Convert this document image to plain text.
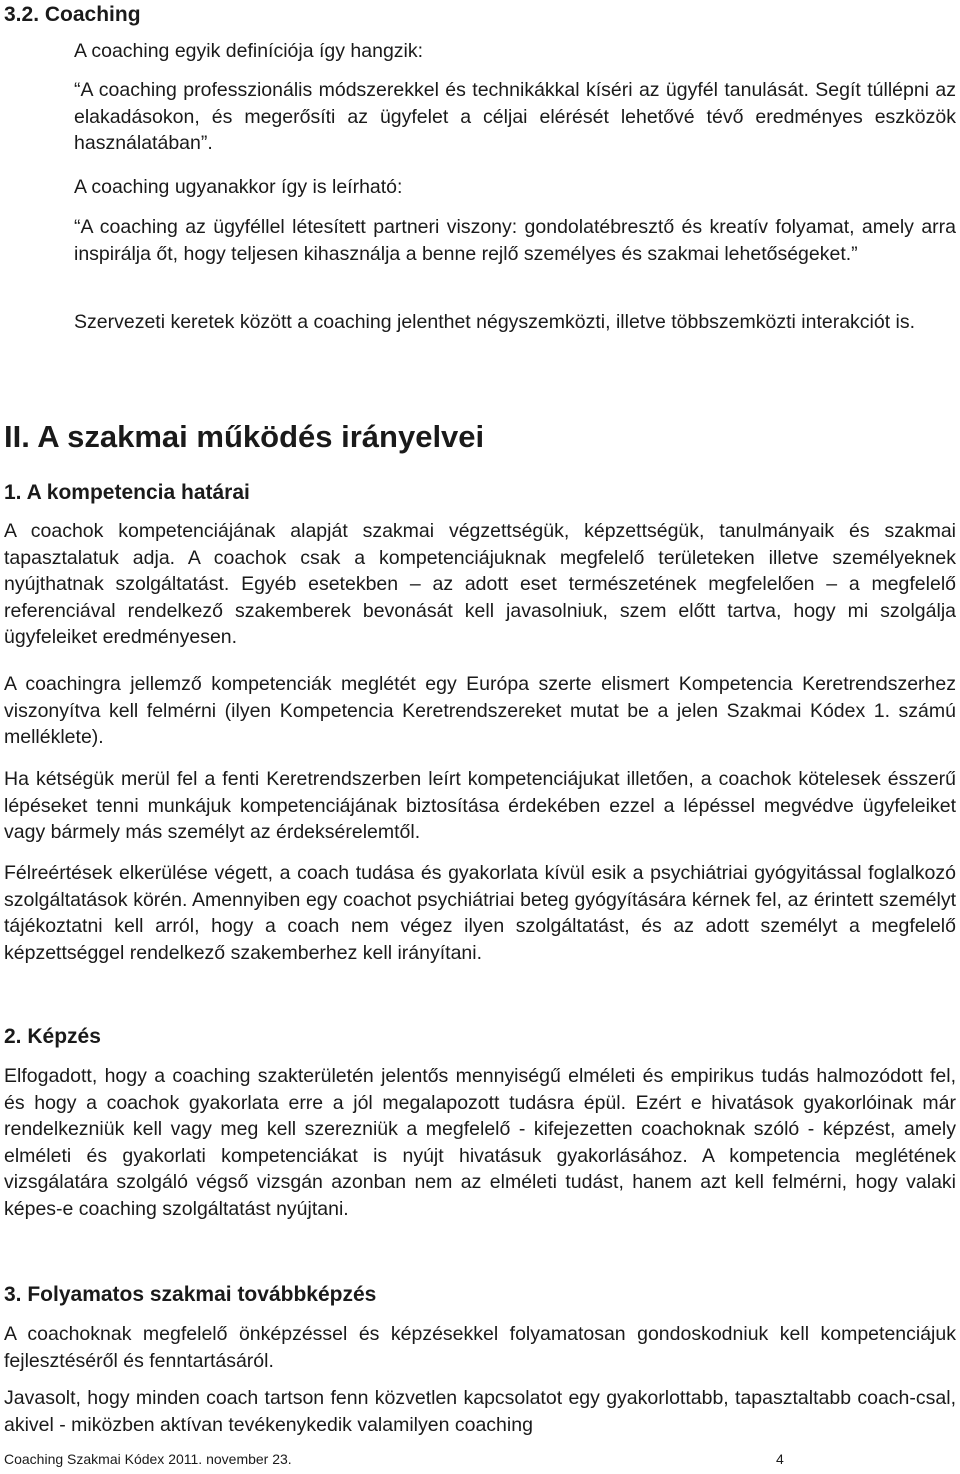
3.2. Coaching

A coaching egyik definíciója így hangzik:

“A coaching professzionális módszerekkel és technikákkal kíséri az ügyfél tanulását. Segít túllépni az elakadásokon, és megerősíti az ügyfelet a céljai elérését lehetővé tévő eredményes eszközök használatában”.

A coaching ugyanakkor így is leírható:

“A coaching az ügyféllel létesített partneri viszony: gondolatébresztő és kreatív folyamat, amely arra inspirálja őt, hogy teljesen kihasználja a benne rejlő személyes és szakmai lehetőségeket.”

Szervezeti keretek között a coaching jelenthet négyszemközti, illetve többszemközti interakciót is.

II. A szakmai működés irányelvei
1. A kompetencia határai

A coachok kompetenciájának alapját szakmai végzettségük, képzettségük, tanulmányaik és szakmai tapasztalatuk adja. A coachok csak a kompetenciájuknak megfelelő területeken illetve személyeknek nyújthatnak szolgáltatást. Egyéb esetekben – az adott eset természetének megfelelően – a megfelelő referenciával rendelkező szakemberek bevonását kell javasolniuk, szem előtt tartva, hogy mi szolgálja ügyfeleiket eredményesen.

A coachingra jellemző kompetenciák meglétét egy Európa szerte elismert Kompetencia Keretrendszerhez viszonyítva kell felmérni (ilyen Kompetencia Keretrendszereket mutat be a jelen Szakmai Kódex 1. számú melléklete).

Ha kétségük merül fel a fenti Keretrendszerben leírt kompetenciájukat illetően, a coachok kötelesek ésszerű lépéseket tenni munkájuk kompetenciájának biztosítása érdekében ezzel a lépéssel megvédve ügyfeleiket vagy bármely más személyt az érdeksérelemtől.

Félreértések elkerülése végett, a coach tudása és gyakorlata kívül esik a psychiátriai gyógyitással foglalkozó szolgáltatások körén. Amennyiben egy coachot psychiátriai beteg gyógyítására kérnek fel, az érintett személyt tájékoztatni kell arról, hogy a coach nem végez ilyen szolgáltatást, és az adott személyt a megfelelő képzettséggel rendelkező szakemberhez kell irányítani.

2. Képzés

Elfogadott, hogy a coaching szakterületén jelentős mennyiségű elméleti és empirikus tudás halmozódott fel, és hogy a coachok gyakorlata erre a jól megalapozott tudásra épül. Ezért e hivatások gyakorlóinak már rendelkezniük kell vagy meg kell szerezniük a megfelelő - kifejezetten coachoknak szóló - képzést, amely elméleti és gyakorlati kompetenciákat is nyújt hivatásuk gyakorlásához. A kompetencia meglétének vizsgálatára szolgáló végső vizsgán azonban nem az elméleti tudást, hanem azt kell felmérni, hogy valaki képes-e coaching szolgáltatást nyújtani.

3. Folyamatos szakmai továbbképzés

A coachoknak megfelelő önképzéssel és képzésekkel folyamatosan gondoskodniuk kell kompetenciájuk fejlesztéséről és fenntartásáról.

Javasolt, hogy minden coach tartson fenn közvetlen kapcsolatot egy gyakorlottabb, tapasztaltabb coach-csal, akivel - miközben aktívan tevékenykedik valamilyen coaching

Coaching Szakmai Kódex 2011. november 23.	4
